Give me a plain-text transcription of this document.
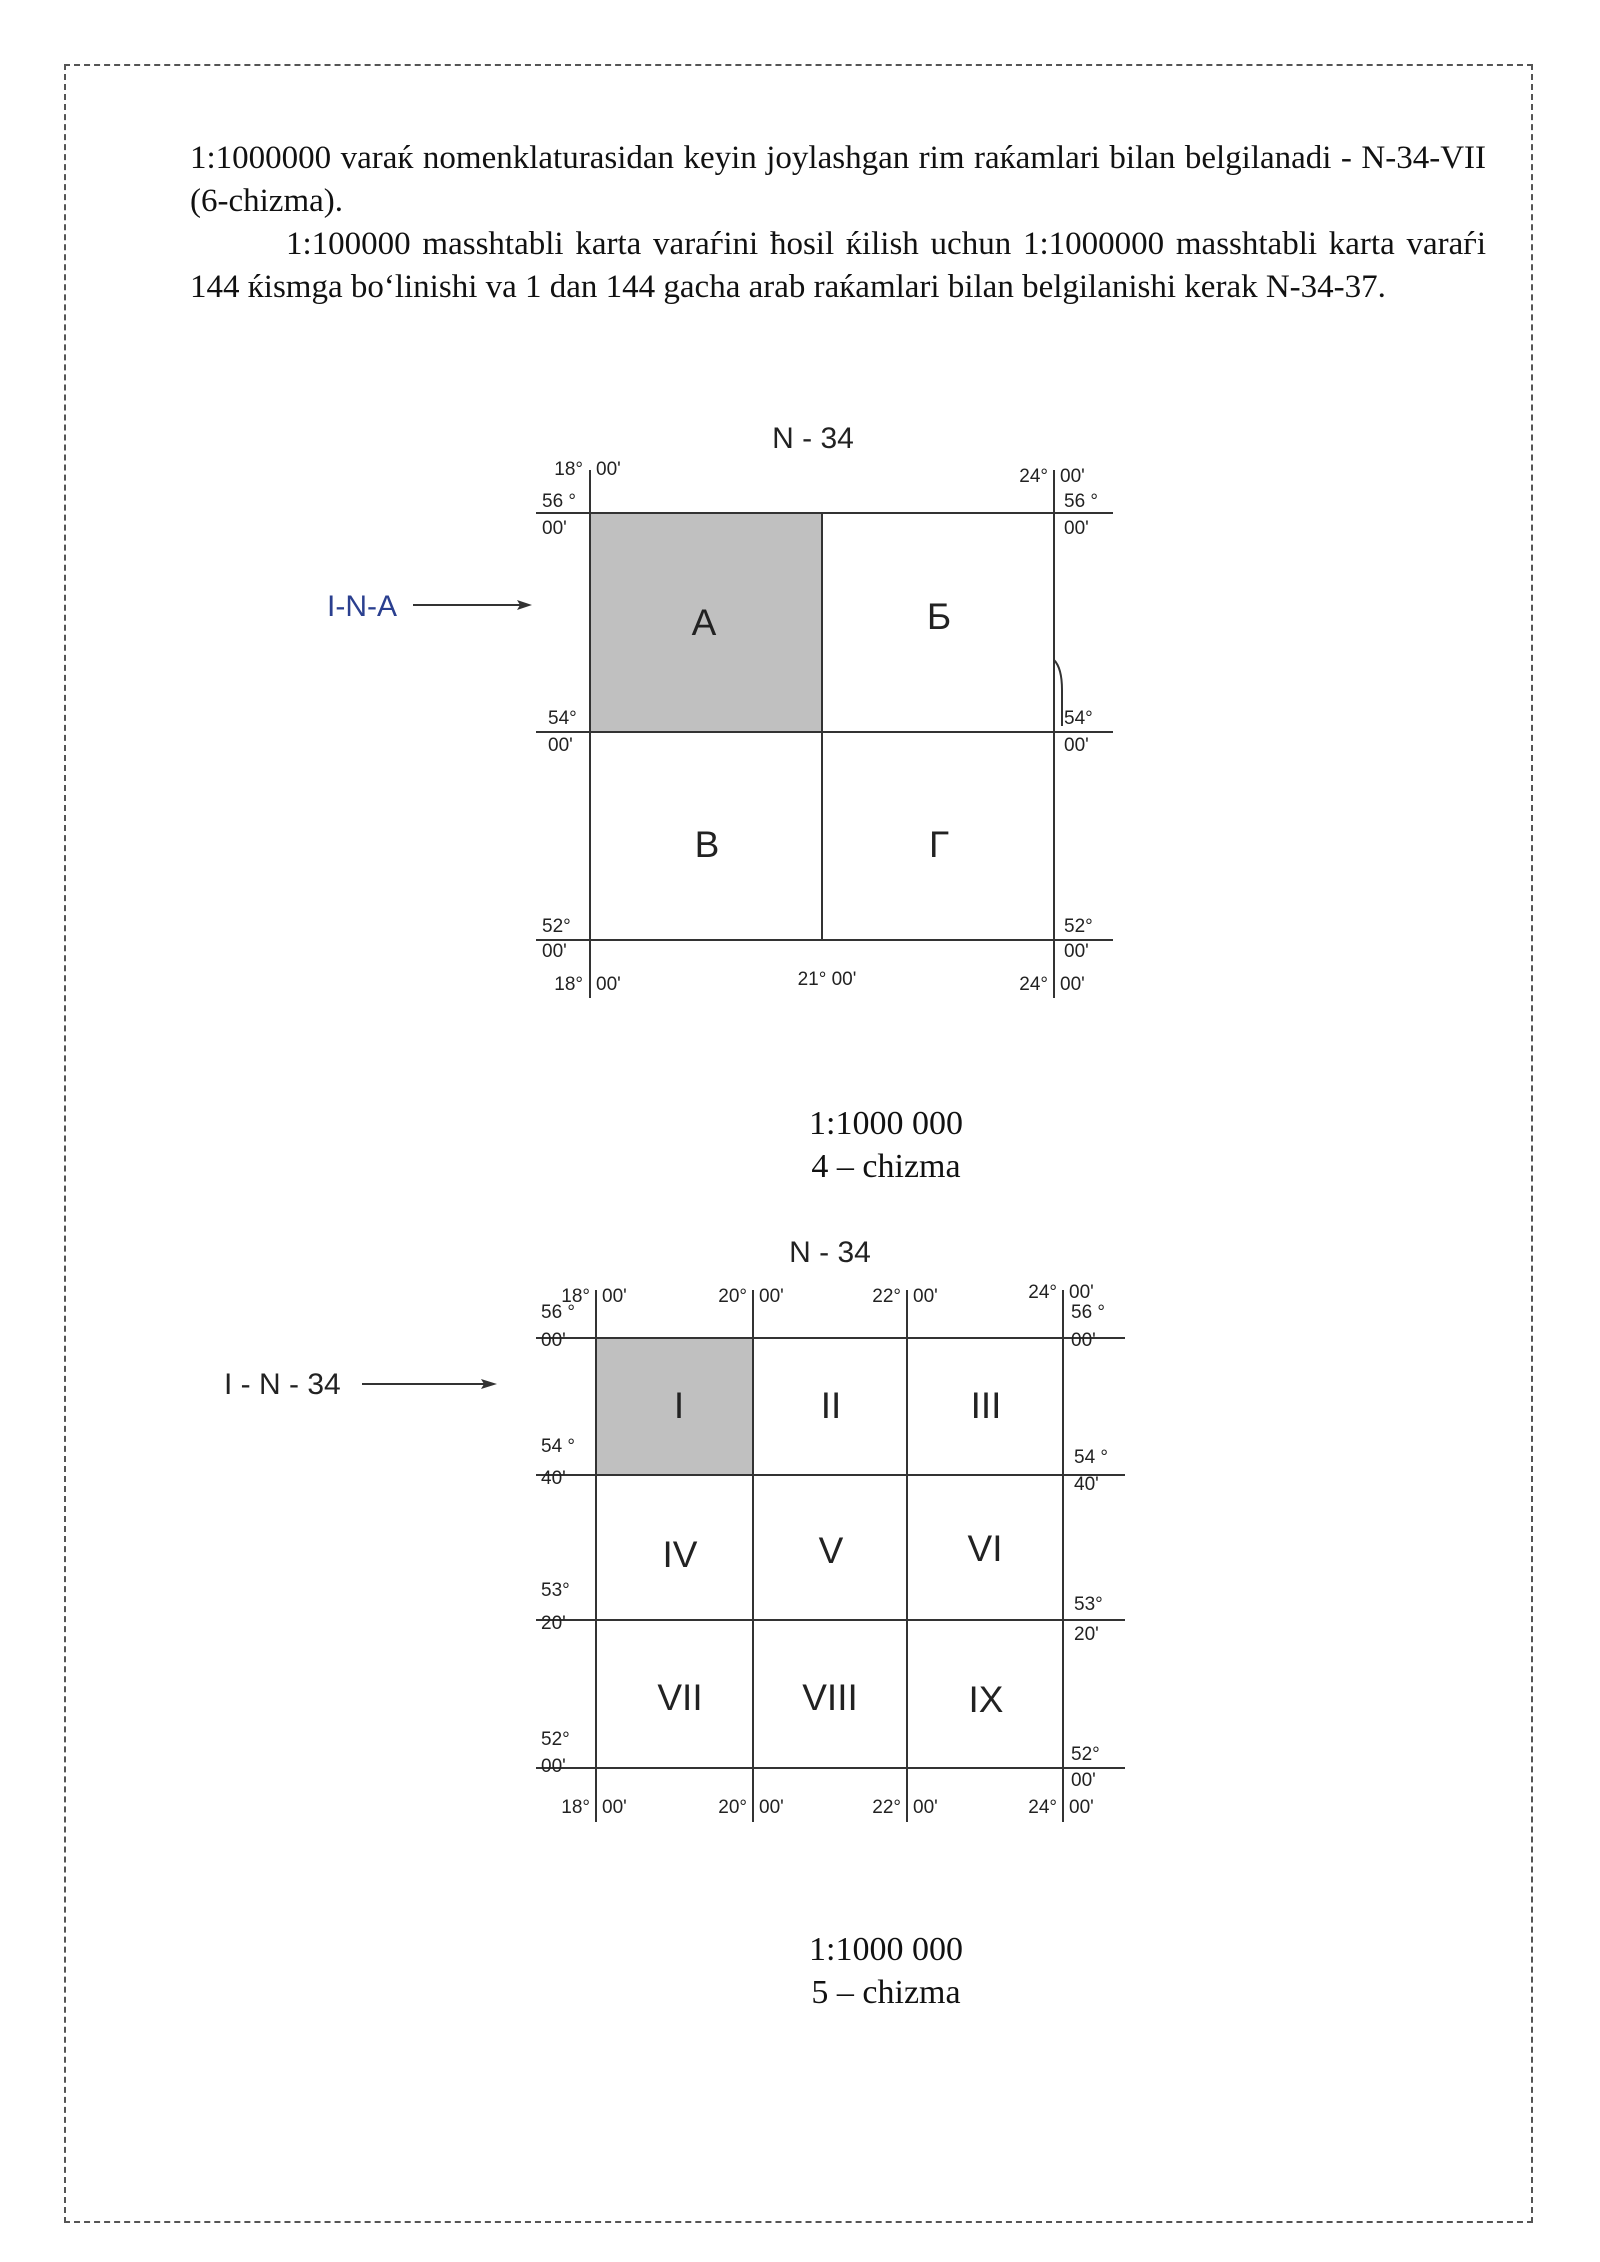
1:1000000 varaќ nomenklaturasidan keyin joylashgan rim raќamlari bilan belgilanadi - N-34-VII (6-chizma).

1:100000 masshtabli karta varaѓini ħosil ќilish uchun 1:1000000 masshtabli karta varaѓi 144 ќismga bo‘linishi va 1 dan 144 gacha arab raќamlari bilan belgilanishi kerak N-34-37.

N - 34
А	Б
В	Г
18° 00'	24° 00'
56 °
00'
54°
00'
52°
00'
56 °
00'
54°
00'
52°
00'
18° 00'	21° 00'	24° 00'
І-N-A
1:1000 000
4 – chizma
N - 34
I	II	III
IV	V	VI
VII	VIII	IX
18° 00'	20° 00'	22° 00'	24° 00'
56 °
00'
54 °
40'
53°
20'
52°
00'
56 °
00'
54 °
40'
53°
20'
52°
00'
18° 00'	20° 00'	22° 00'	24° 00'
I - N - 34
1:1000 000
5 – chizma
